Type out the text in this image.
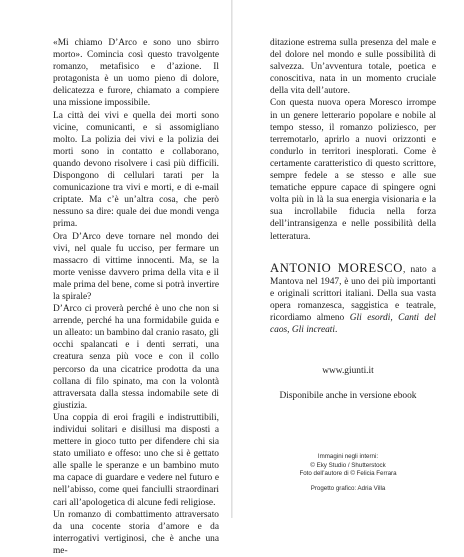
«Mi chiamo D’Arco e sono uno sbirro morto». Comincia così questo travolgente romanzo, metafisico e d’azione. Il protagonista è un uomo pieno di dolore, delicatezza e furore, chiamato a compiere una missione impossibile.

La città dei vivi e quella dei morti sono vicine, comunicanti, e si assomigliano molto. La polizia dei vivi e la polizia dei morti sono in contatto e collaborano, quando devono risolvere i casi più difficili. Dispongono di cellulari tarati per la comunicazione tra vivi e morti, e di e-mail criptate. Ma c’è un’altra cosa, che però nessuno sa dire: quale dei due mondi venga prima.

Ora D’Arco deve tornare nel mondo dei vivi, nel quale fu ucciso, per fermare un massacro di vittime innocenti. Ma, se la morte venisse davvero prima della vita e il male prima del bene, come si potrà invertire la spirale?

D’Arco ci proverà perché è uno che non si arrende, perché ha una formidabile guida e un alleato: un bambino dal cranio rasato, gli occhi spalancati e i denti serrati, una creatura senza più voce e con il collo percorso da una cicatrice prodotta da una collana di filo spinato, ma con la volontà attraversata dalla stessa indomabile sete di giustizia.

Una coppia di eroi fragili e indistruttibili, individui solitari e disillusi ma disposti a mettere in gioco tutto per difendere chi sia stato umiliato e offeso: uno che si è gettato alle spalle le speranze e un bambino muto ma capace di guardare e vedere nel futuro e nell’abisso, come quei fanciulli straordinari cari all’apologetica di alcune fedi religiose.

Un romanzo di combattimento attraversato da una cocente storia d’amore e da interrogativi vertiginosi, che è anche una me-

ditazione estrema sulla presenza del male e del dolore nel mondo e sulle possibilità di salvezza. Un’avventura totale, poetica e conoscitiva, nata in un momento cruciale della vita dell’autore.

Con questa nuova opera Moresco irrompe in un genere letterario popolare e nobile al tempo stesso, il romanzo poliziesco, per terremotarlo, aprirlo a nuovi orizzonti e condurlo in territori inesplorati. Come è certamente caratteristico di questo scrittore, sempre fedele a se stesso e alle sue tematiche eppure capace di spingere ogni volta più in là la sua energia visionaria e la sua incrollabile fiducia nella forza dell’intransigenza e nelle possibilità della letteratura.

ANTONIO MORESCO, nato a Mantova nel 1947, è uno dei più importanti e originali scrittori italiani. Della sua vasta opera romanzesca, saggistica e teatrale, ricordiamo almeno Gli esordi, Canti del caos, Gli increati.
www.giunti.it
Disponibile anche in versione ebook
Immagini negli interni:
© Eky Studio / Shutterstock
Foto dell’autore di © Felicia Ferrara
Progetto grafico: Adria Villa
